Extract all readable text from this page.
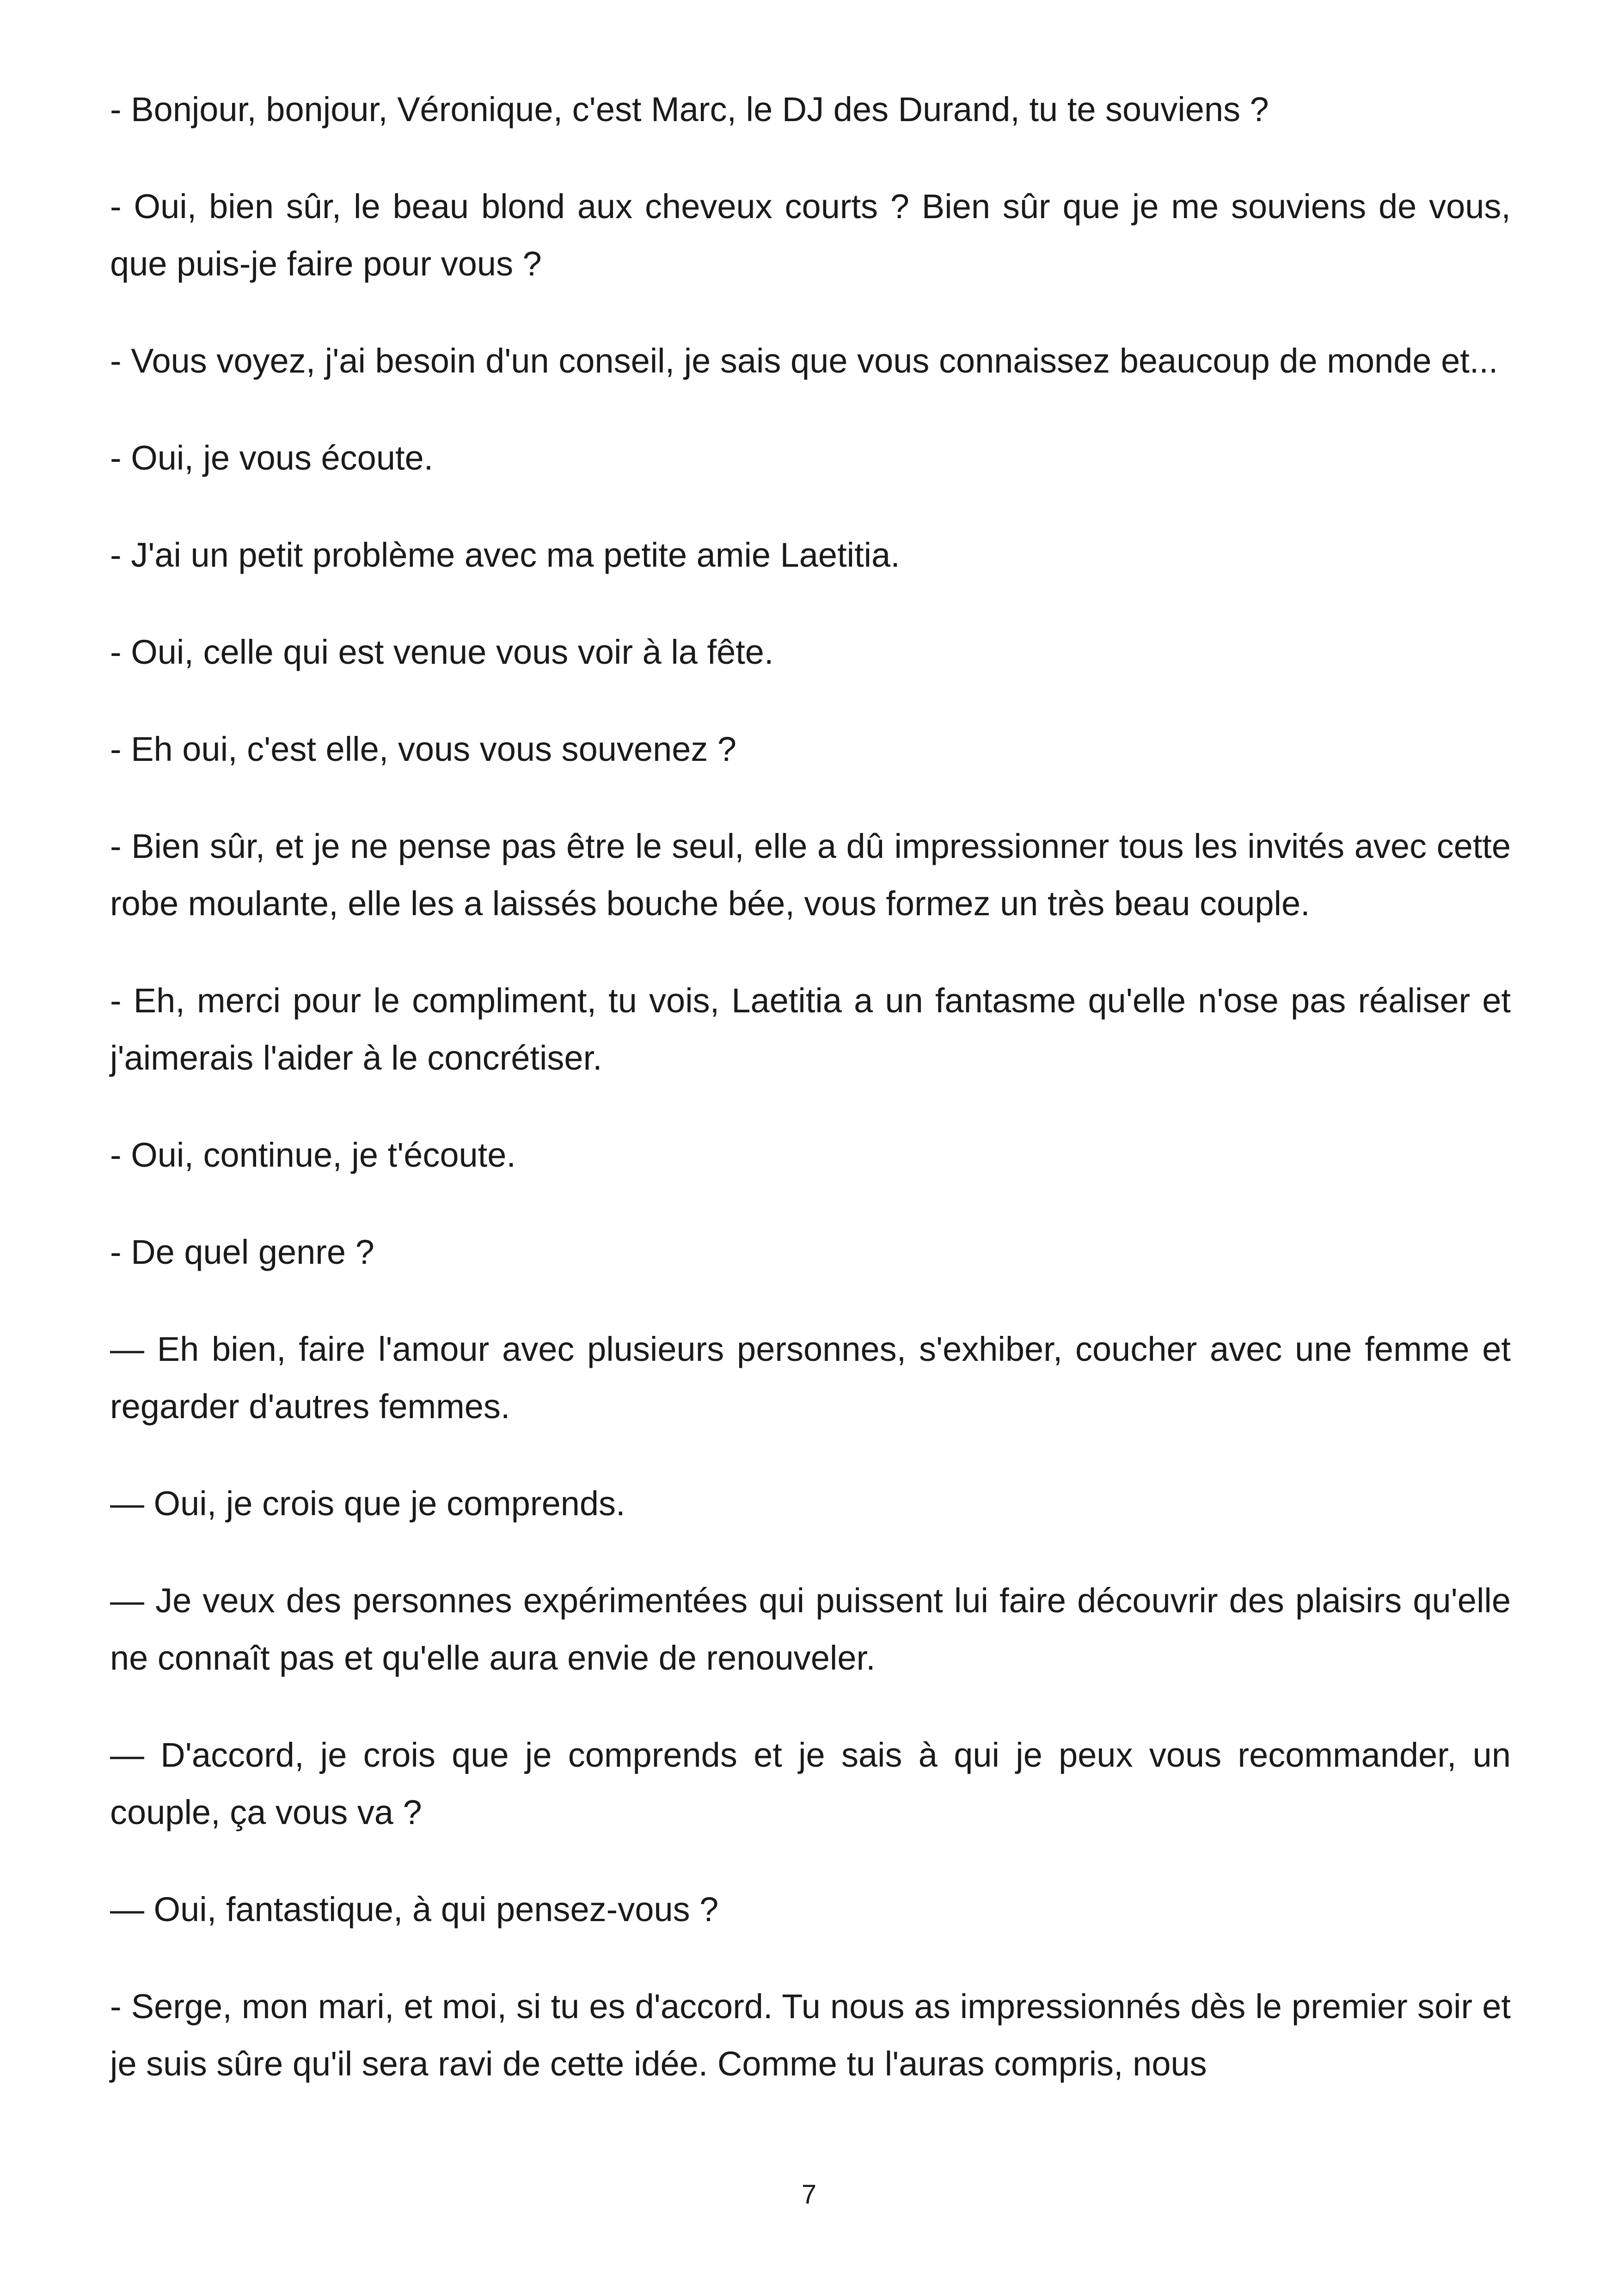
- Bonjour, bonjour, Véronique, c'est Marc, le DJ des Durand, tu te souviens ?

- Oui, bien sûr, le beau blond aux cheveux courts ? Bien sûr que je me souviens de vous, que puis-je faire pour vous ?

- Vous voyez, j'ai besoin d'un conseil, je sais que vous connaissez beaucoup de monde et...

- Oui, je vous écoute.

- J'ai un petit problème avec ma petite amie Laetitia.

- Oui, celle qui est venue vous voir à la fête.

- Eh oui, c'est elle, vous vous souvenez ?

- Bien sûr, et je ne pense pas être le seul, elle a dû impressionner tous les invités avec cette robe moulante, elle les a laissés bouche bée, vous formez un très beau couple.

- Eh, merci pour le compliment, tu vois, Laetitia a un fantasme qu'elle n'ose pas réaliser et j'aimerais l'aider à le concrétiser.

- Oui, continue, je t'écoute.

- De quel genre ?

— Eh bien, faire l'amour avec plusieurs personnes, s'exhiber, coucher avec une femme et regarder d'autres femmes.

— Oui, je crois que je comprends.

— Je veux des personnes expérimentées qui puissent lui faire découvrir des plaisirs qu'elle ne connaît pas et qu'elle aura envie de renouveler.

— D'accord, je crois que je comprends et je sais à qui je peux vous recommander, un couple, ça vous va ?

— Oui, fantastique, à qui pensez-vous ?

- Serge, mon mari, et moi, si tu es d'accord. Tu nous as impressionnés dès le premier soir et je suis sûre qu'il sera ravi de cette idée. Comme tu l'auras compris, nous

7
